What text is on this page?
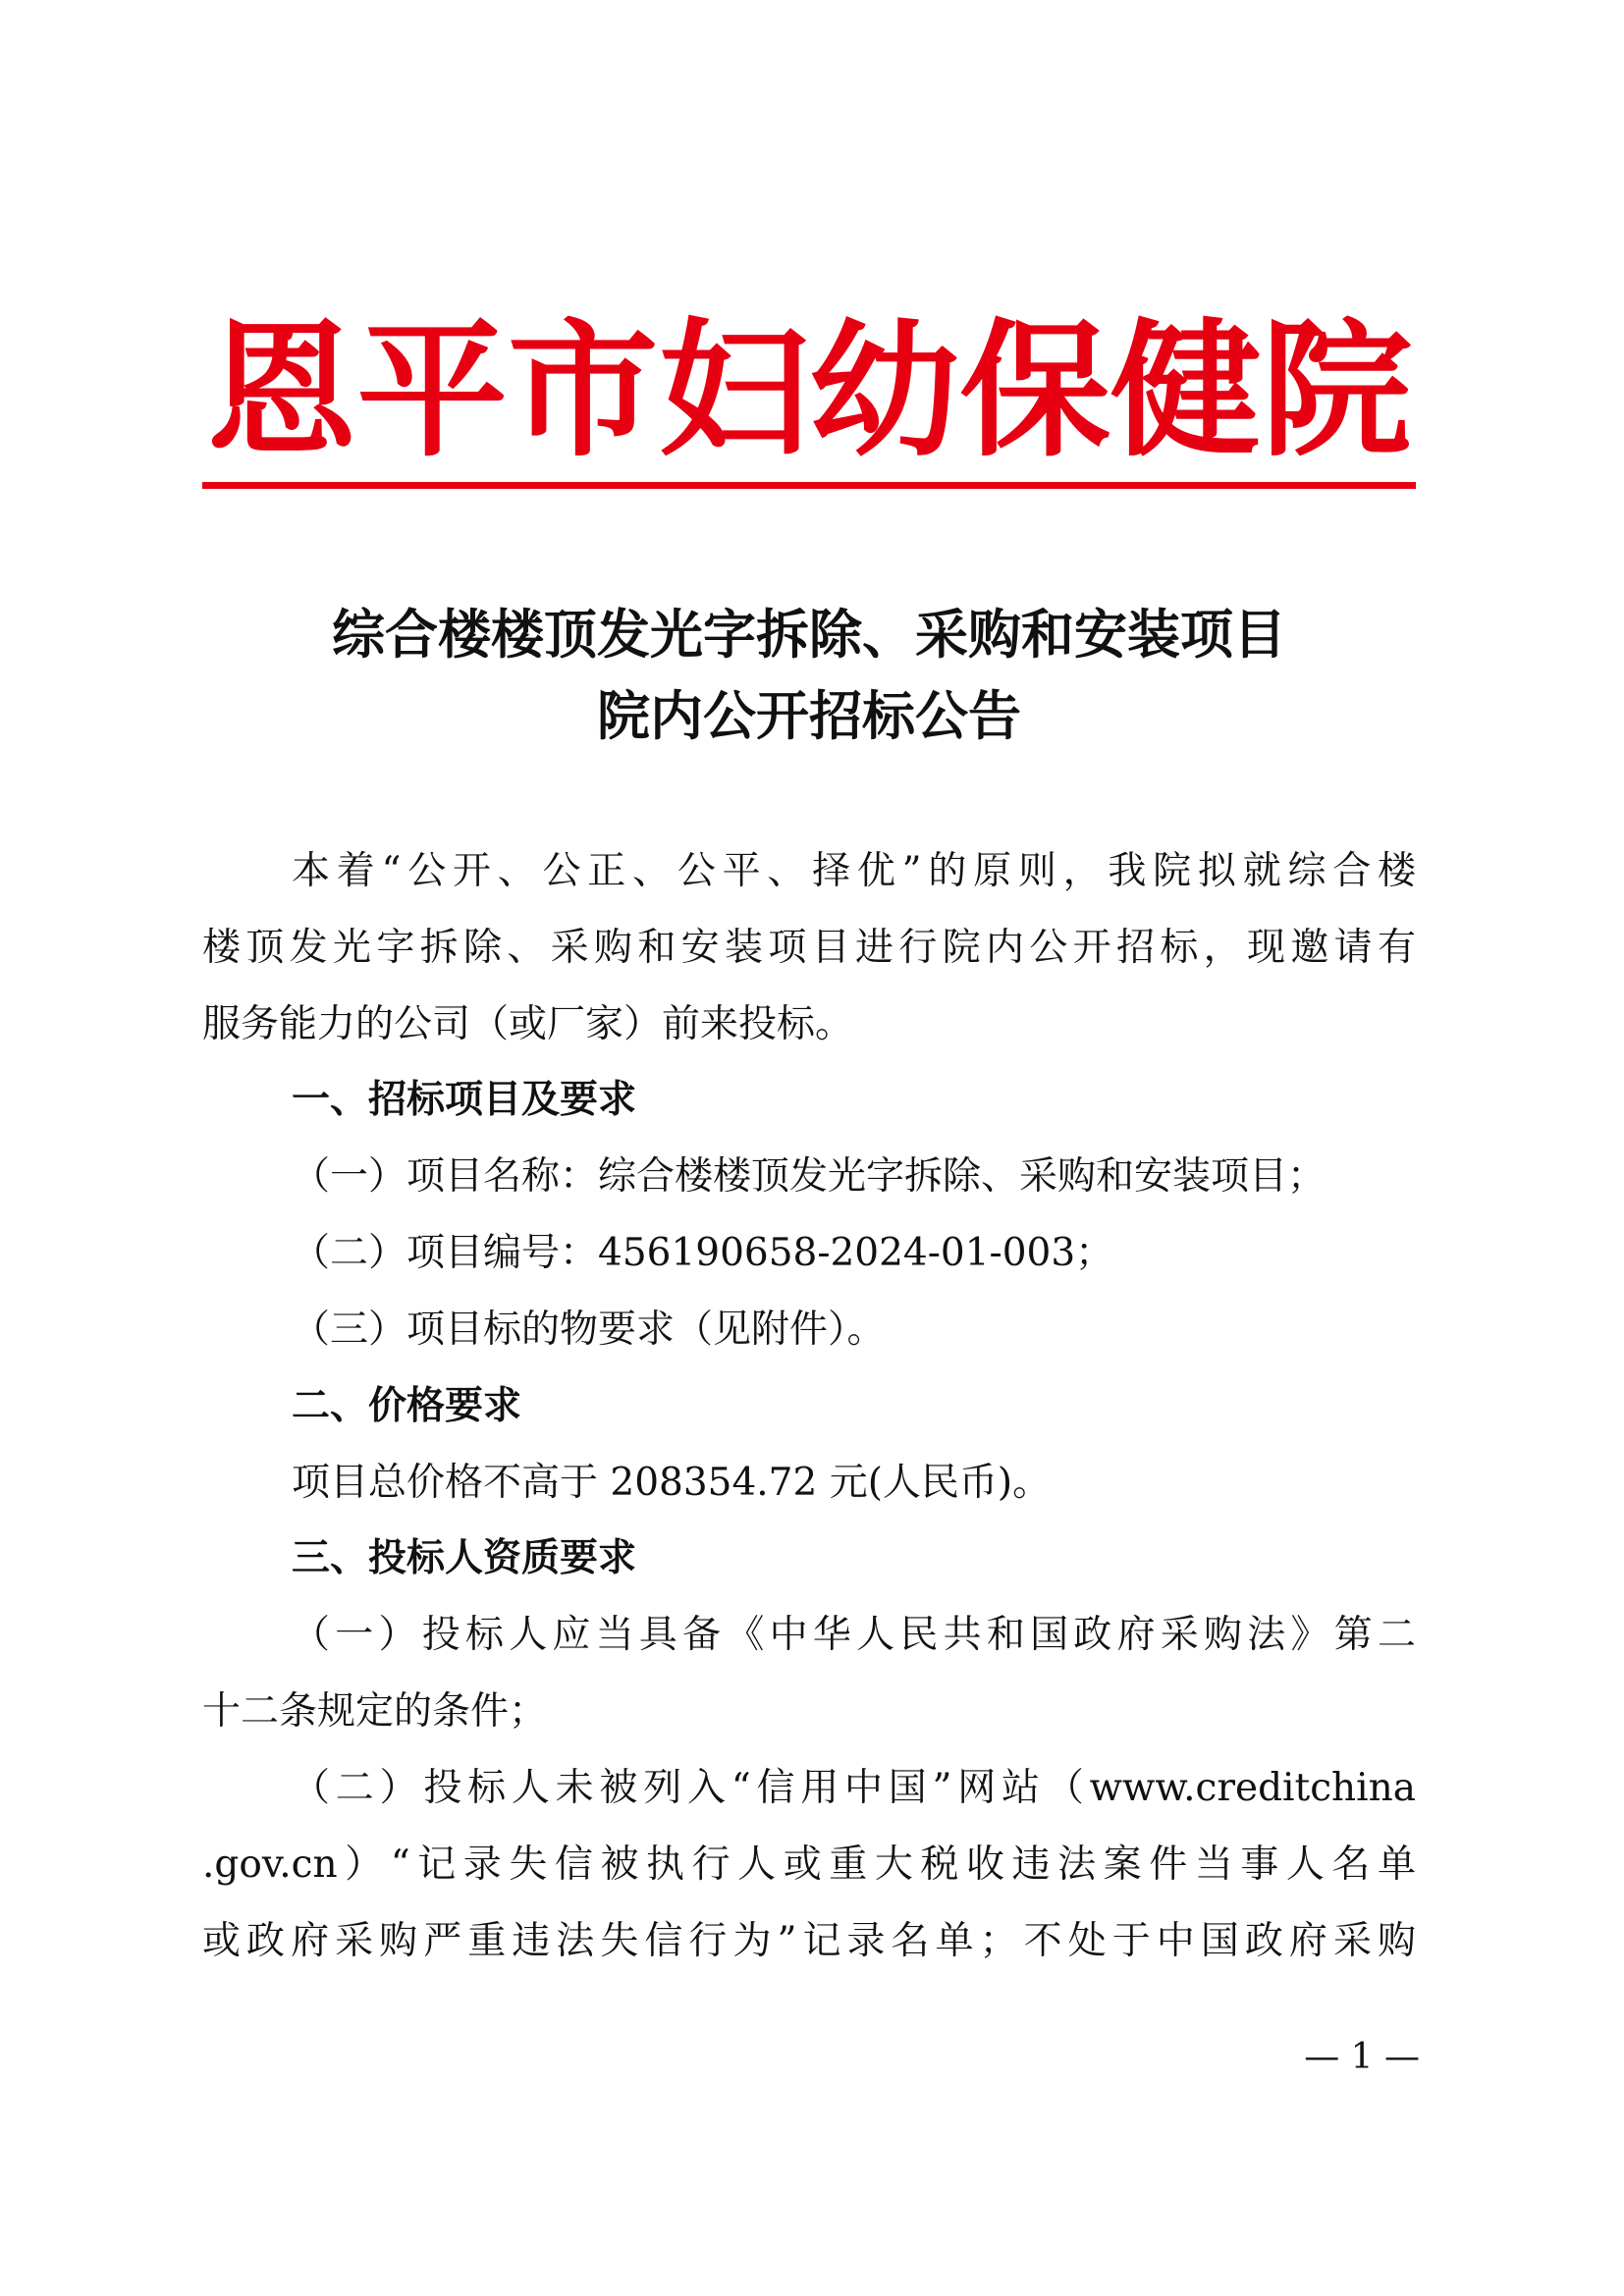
恩平市妇幼保健院
综合楼楼顶发光字拆除、采购和安装项目
院内公开招标公告
本着“公开、公正、公平、择优”的原则，我院拟就综合楼
楼顶发光字拆除、采购和安装项目进行院内公开招标，现邀请有
服务能力的公司（或厂家）前来投标。
一、招标项目及要求
（一）项目名称：综合楼楼顶发光字拆除、采购和安装项目；
（二）项目编号：456190658-2024-01-003；
（三）项目标的物要求（见附件）。
二、价格要求
项目总价格不高于 208354.72 元(人民币)。
三、投标人资质要求
（一）投标人应当具备《中华人民共和国政府采购法》第二
十二条规定的条件；
（二）投标人未被列入“信用中国”网站（www.creditchina
.gov.cn）“记录失信被执行人或重大税收违法案件当事人名单
或政府采购严重违法失信行为”记录名单；不处于中国政府采购
— 1 —
